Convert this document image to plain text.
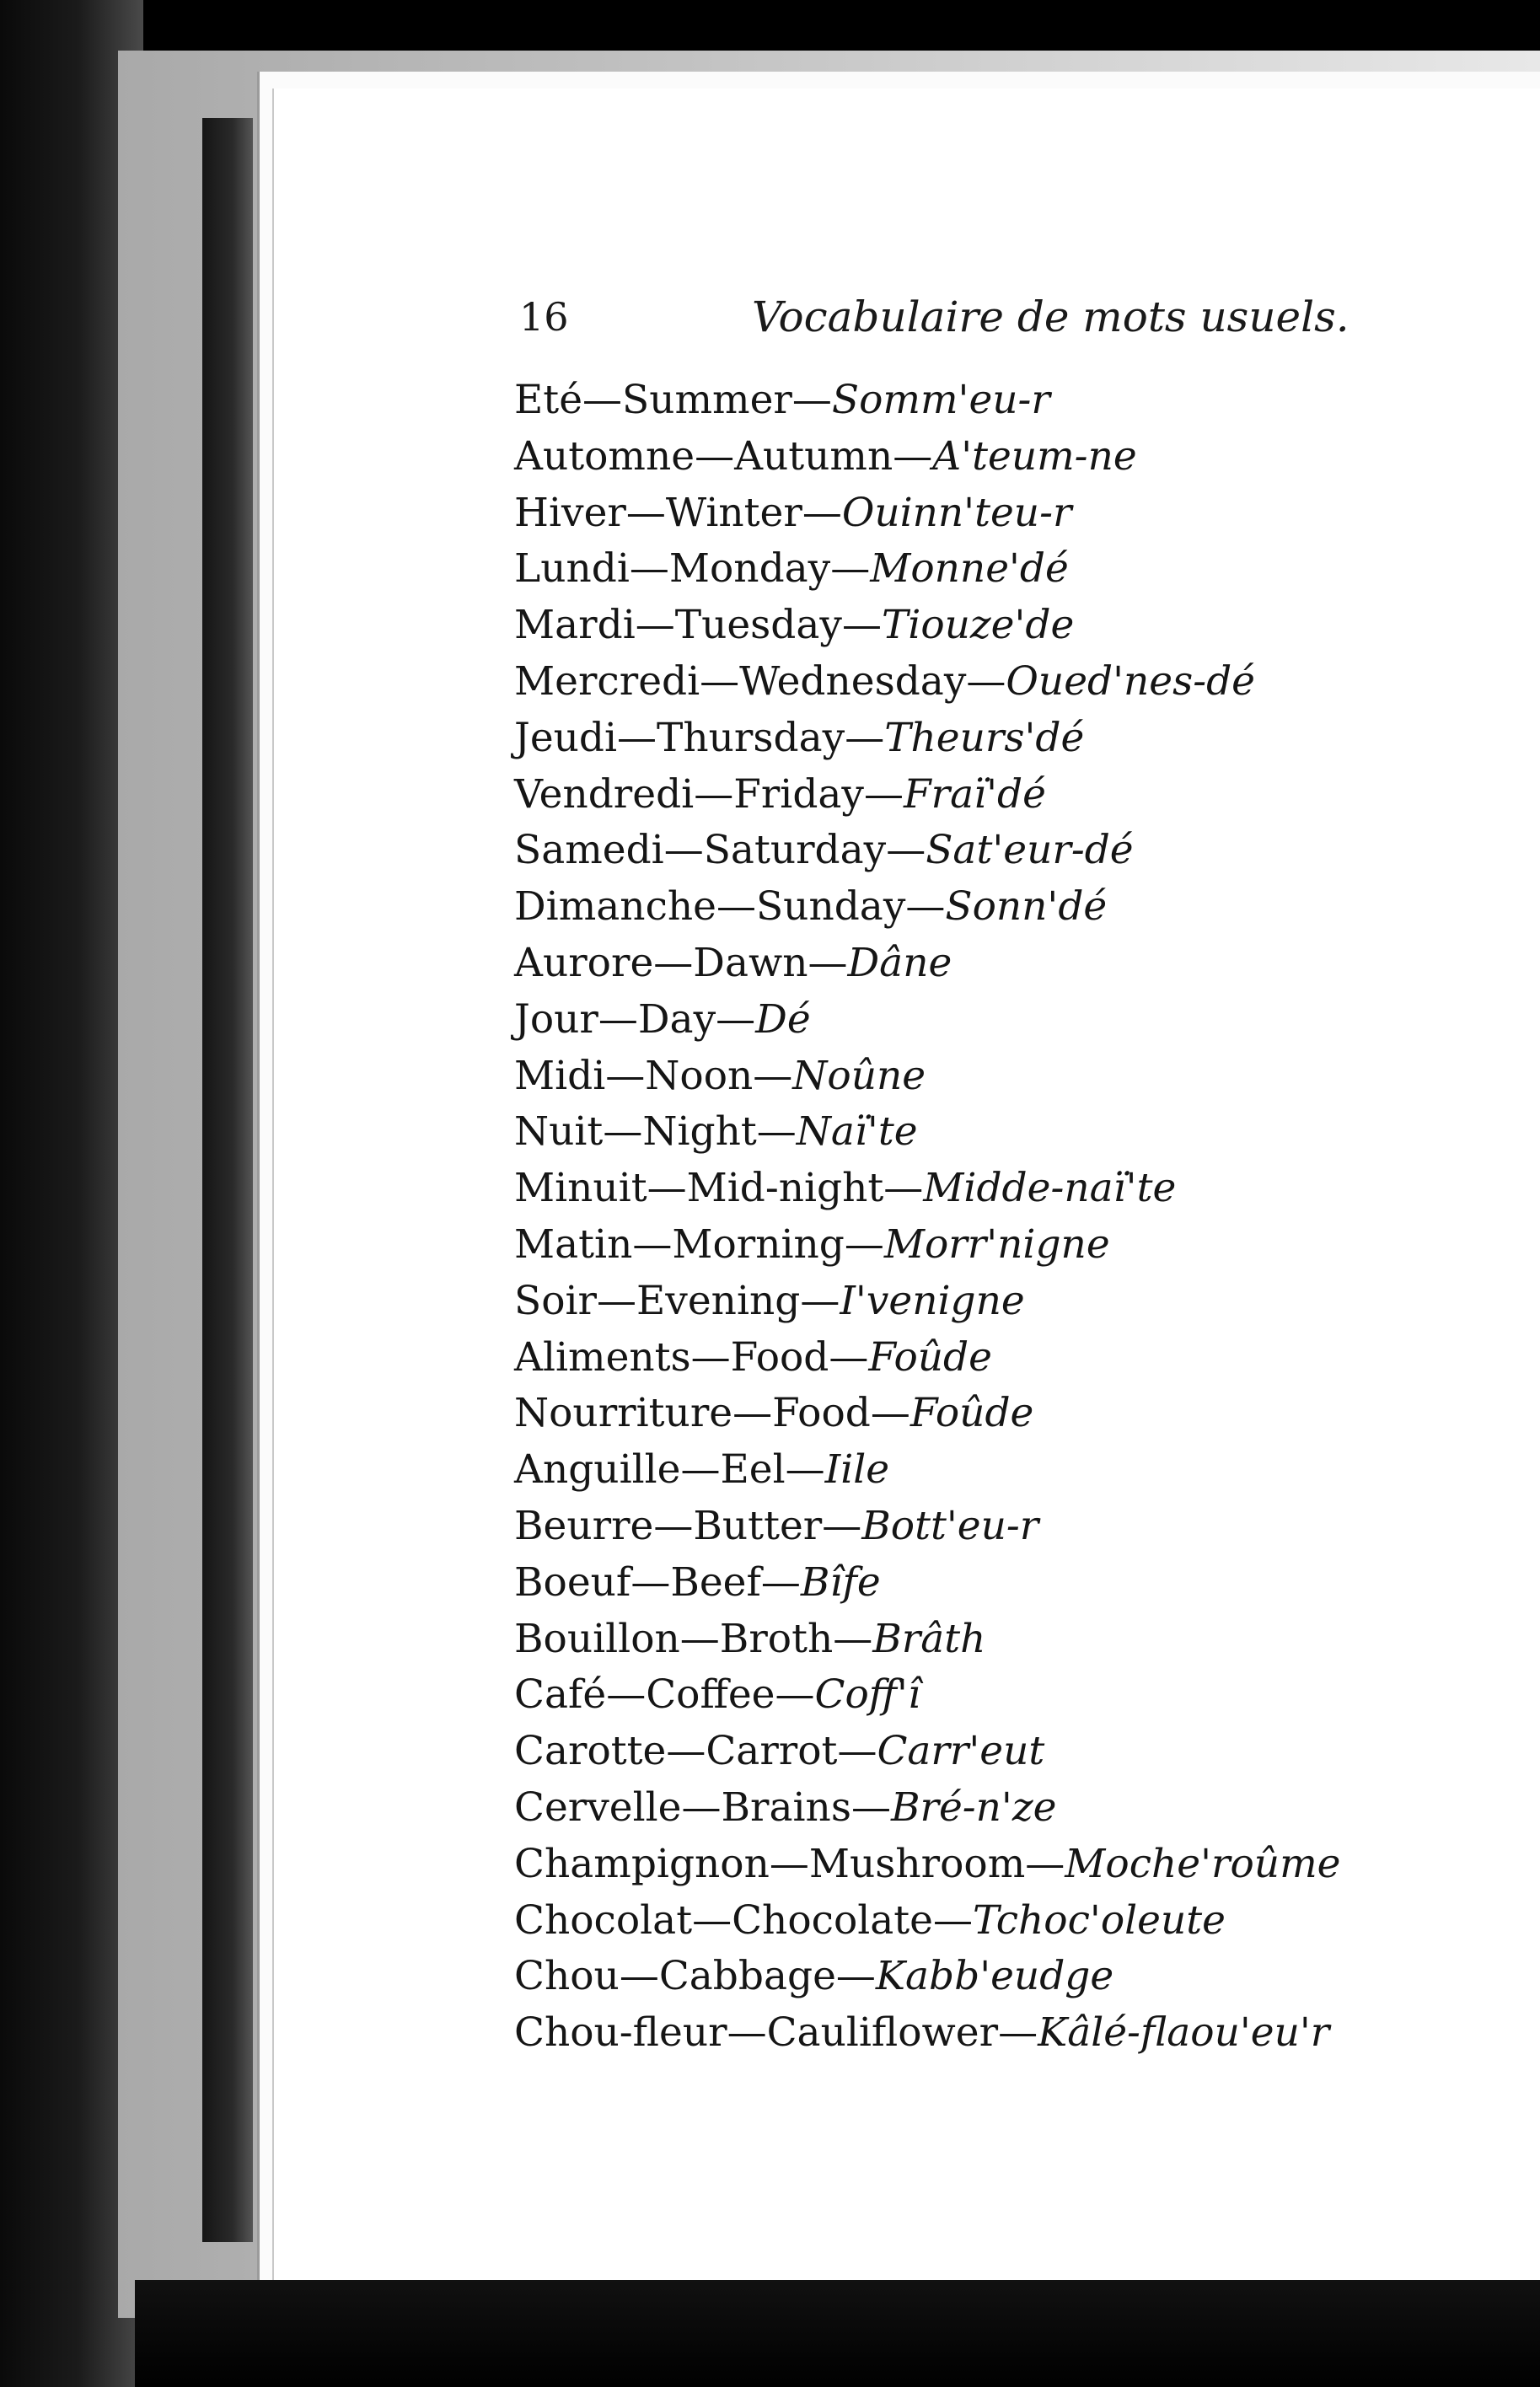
16	Vocabulaire de mots usuels.
Eté—Summer—Somm'eu-r
Automne—Autumn—A'teum-ne
Hiver—Winter—Ouinn'teu-r
Lundi—Monday—Monne'dé
Mardi—Tuesday—Tiouze'de
Mercredi—Wednesday—Oued'nes-dé
Jeudi—Thursday—Theurs'dé
Vendredi—Friday—Fraï'dé
Samedi—Saturday—Sat'eur-dé
Dimanche—Sunday—Sonn'dé
Aurore—Dawn—Dâne
Jour—Day—Dé
Midi—Noon—Noûne
Nuit—Night—Naï'te
Minuit—Mid-night—Midde-naï'te
Matin—Morning—Morr'nigne
Soir—Evening—I'venigne
Aliments—Food—Foûde
Nourriture—Food—Foûde
Anguille—Eel—Iile
Beurre—Butter—Bott'eu-r
Boeuf—Beef—Bîfe
Bouillon—Broth—Brâth
Café—Coffee—Coff'î
Carotte—Carrot—Carr'eut
Cervelle—Brains—Bré-n'ze
Champignon—Mushroom—Moche'roûme
Chocolat—Chocolate—Tchoc'oleute
Chou—Cabbage—Kabb'eudge
Chou-fleur—Cauliflower—Kâlé-flaou'eu'r
